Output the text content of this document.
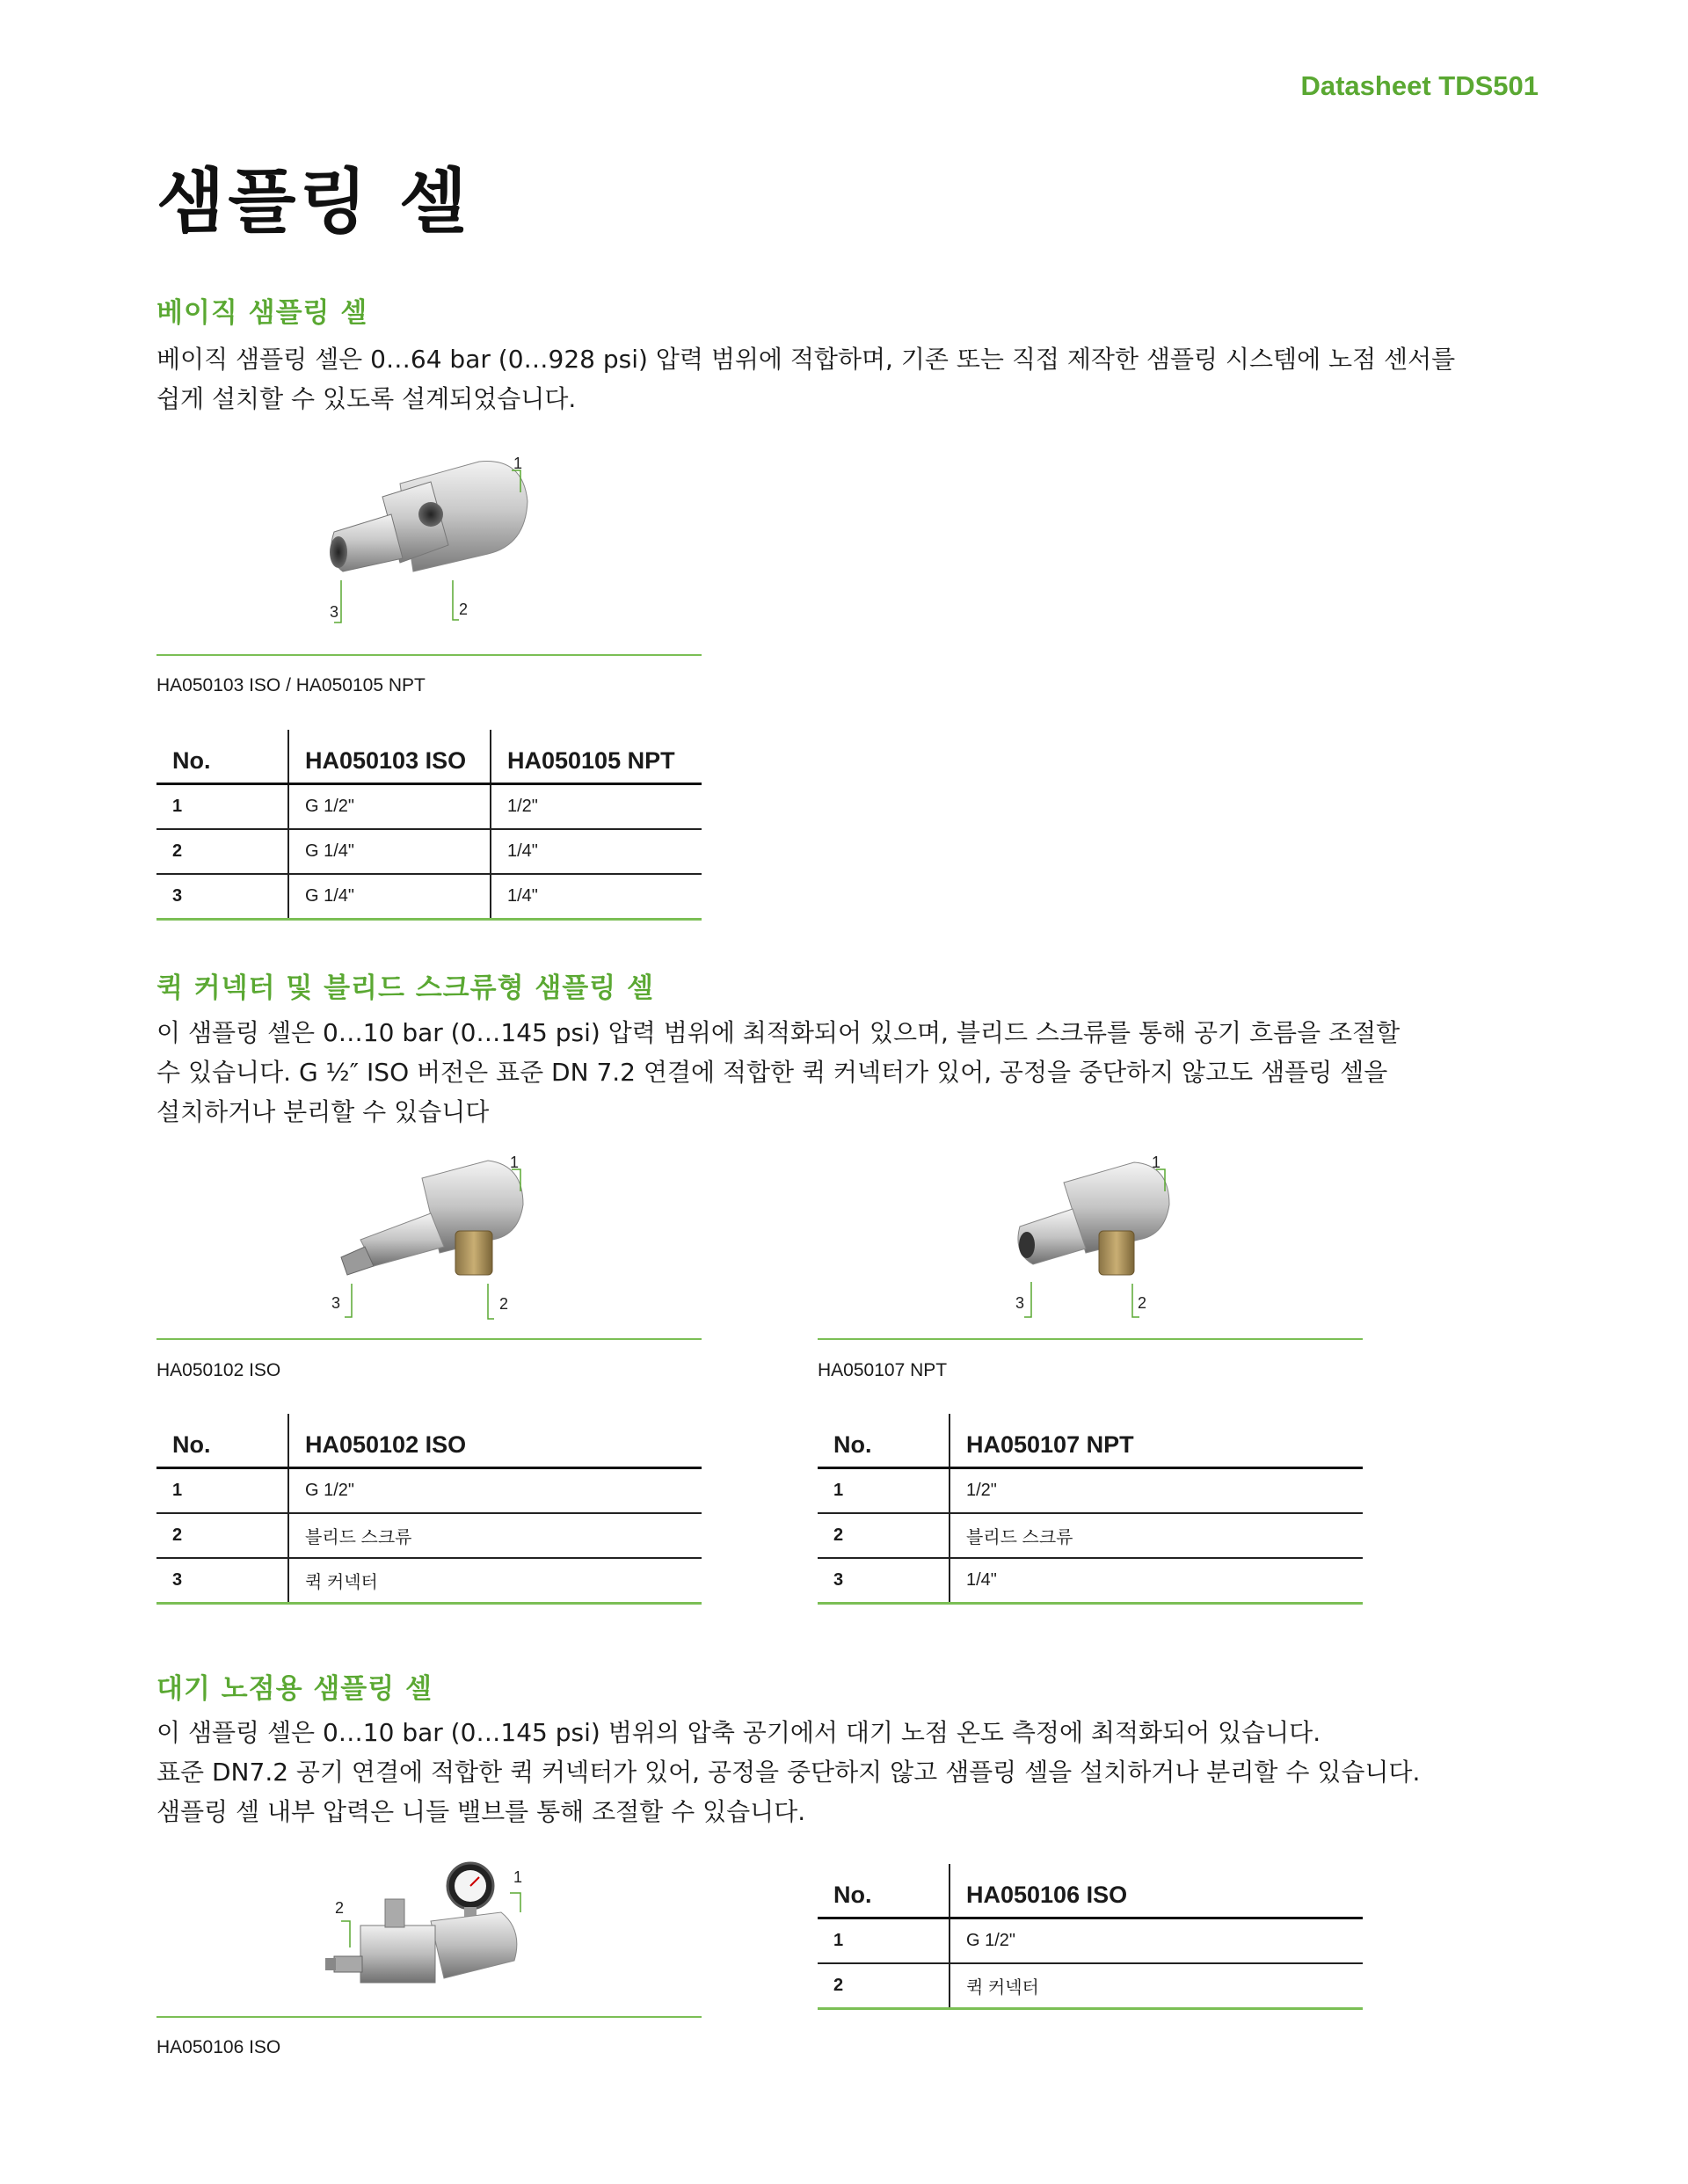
Datasheet TDS501
샘플링 셀
베이직 샘플링 셀

베이직 샘플링 셀은 0…64 bar (0…928 psi) 압력 범위에 적합하며, 기존 또는 직접 제작한 샘플링 시스템에 노점 센서를

쉽게 설치할 수 있도록 설계되었습니다.

1
2
3
HA050103 ISO / HA050105 NPT
No.	HA050103 ISO	HA050105 NPT
1	G 1/2"	1/2"
2	G 1/4"	1/4"
3	G 1/4"	1/4"
퀵 커넥터 및 블리드 스크류형 샘플링 셀

이 샘플링 셀은 0…10 bar (0…145 psi) 압력 범위에 최적화되어 있으며, 블리드 스크류를 통해 공기 흐름을 조절할

수 있습니다. G ½″ ISO 버전은 표준 DN 7.2 연결에 적합한 퀵 커넥터가 있어, 공정을 중단하지 않고도 샘플링 셀을

설치하거나 분리할 수 있습니다

1
2
3
HA050102 ISO
1
2
3
HA050107 NPT
No.	HA050102 ISO
1	G 1/2"
2	블리드 스크류
3	퀵 커넥터
No.	HA050107 NPT
1	1/2"
2	블리드 스크류
3	1/4"
대기 노점용 샘플링 셀

이 샘플링 셀은 0…10 bar (0…145 psi) 범위의 압축 공기에서 대기 노점 온도 측정에 최적화되어 있습니다.

표준 DN7.2 공기 연결에 적합한 퀵 커넥터가 있어, 공정을 중단하지 않고 샘플링 셀을 설치하거나 분리할 수 있습니다.

샘플링 셀 내부 압력은 니들 밸브를 통해 조절할 수 있습니다.

1
2
HA050106 ISO
No.	HA050106 ISO
1	G 1/2"
2	퀵 커넥터
